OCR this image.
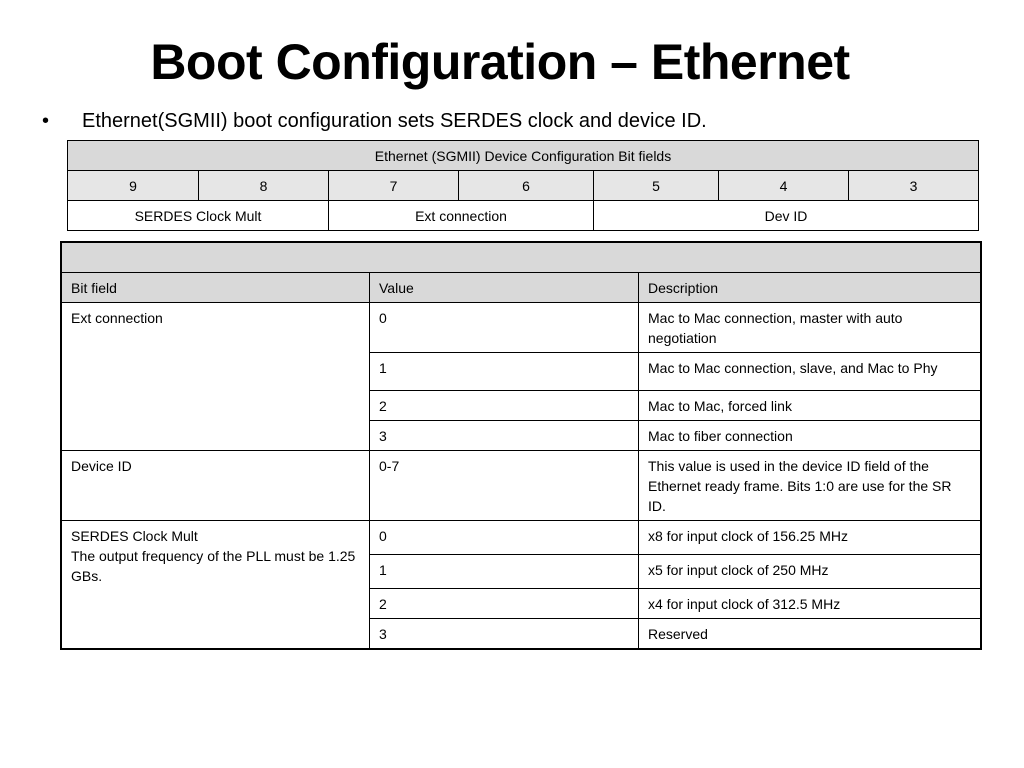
Boot Configuration – Ethernet
• Ethernet(SGMII) boot configuration sets SERDES clock and device ID.
Ethernet (SGMII) Device Configuration Bit fields						
9	8	7	6	5	4	3
SERDES Clock Mult		Ext connection		Dev ID		

Bit field	Value	Description
Ext connection	0	Mac to Mac connection, master with auto negotiation
	1	Mac to Mac connection, slave, and Mac to Phy
	2	Mac to Mac, forced link
	3	Mac to fiber connection
Device ID	0-7	This value is used in the device ID field of the Ethernet ready frame. Bits 1:0 are use for the SR ID.

SERDES Clock Mult
The output frequency of the PLL must be 1.25 GBs.	0	x8 for input clock of 156.25 MHz
	1	x5 for input clock of 250 MHz
	2	x4 for input clock of 312.5 MHz
	3	Reserved
